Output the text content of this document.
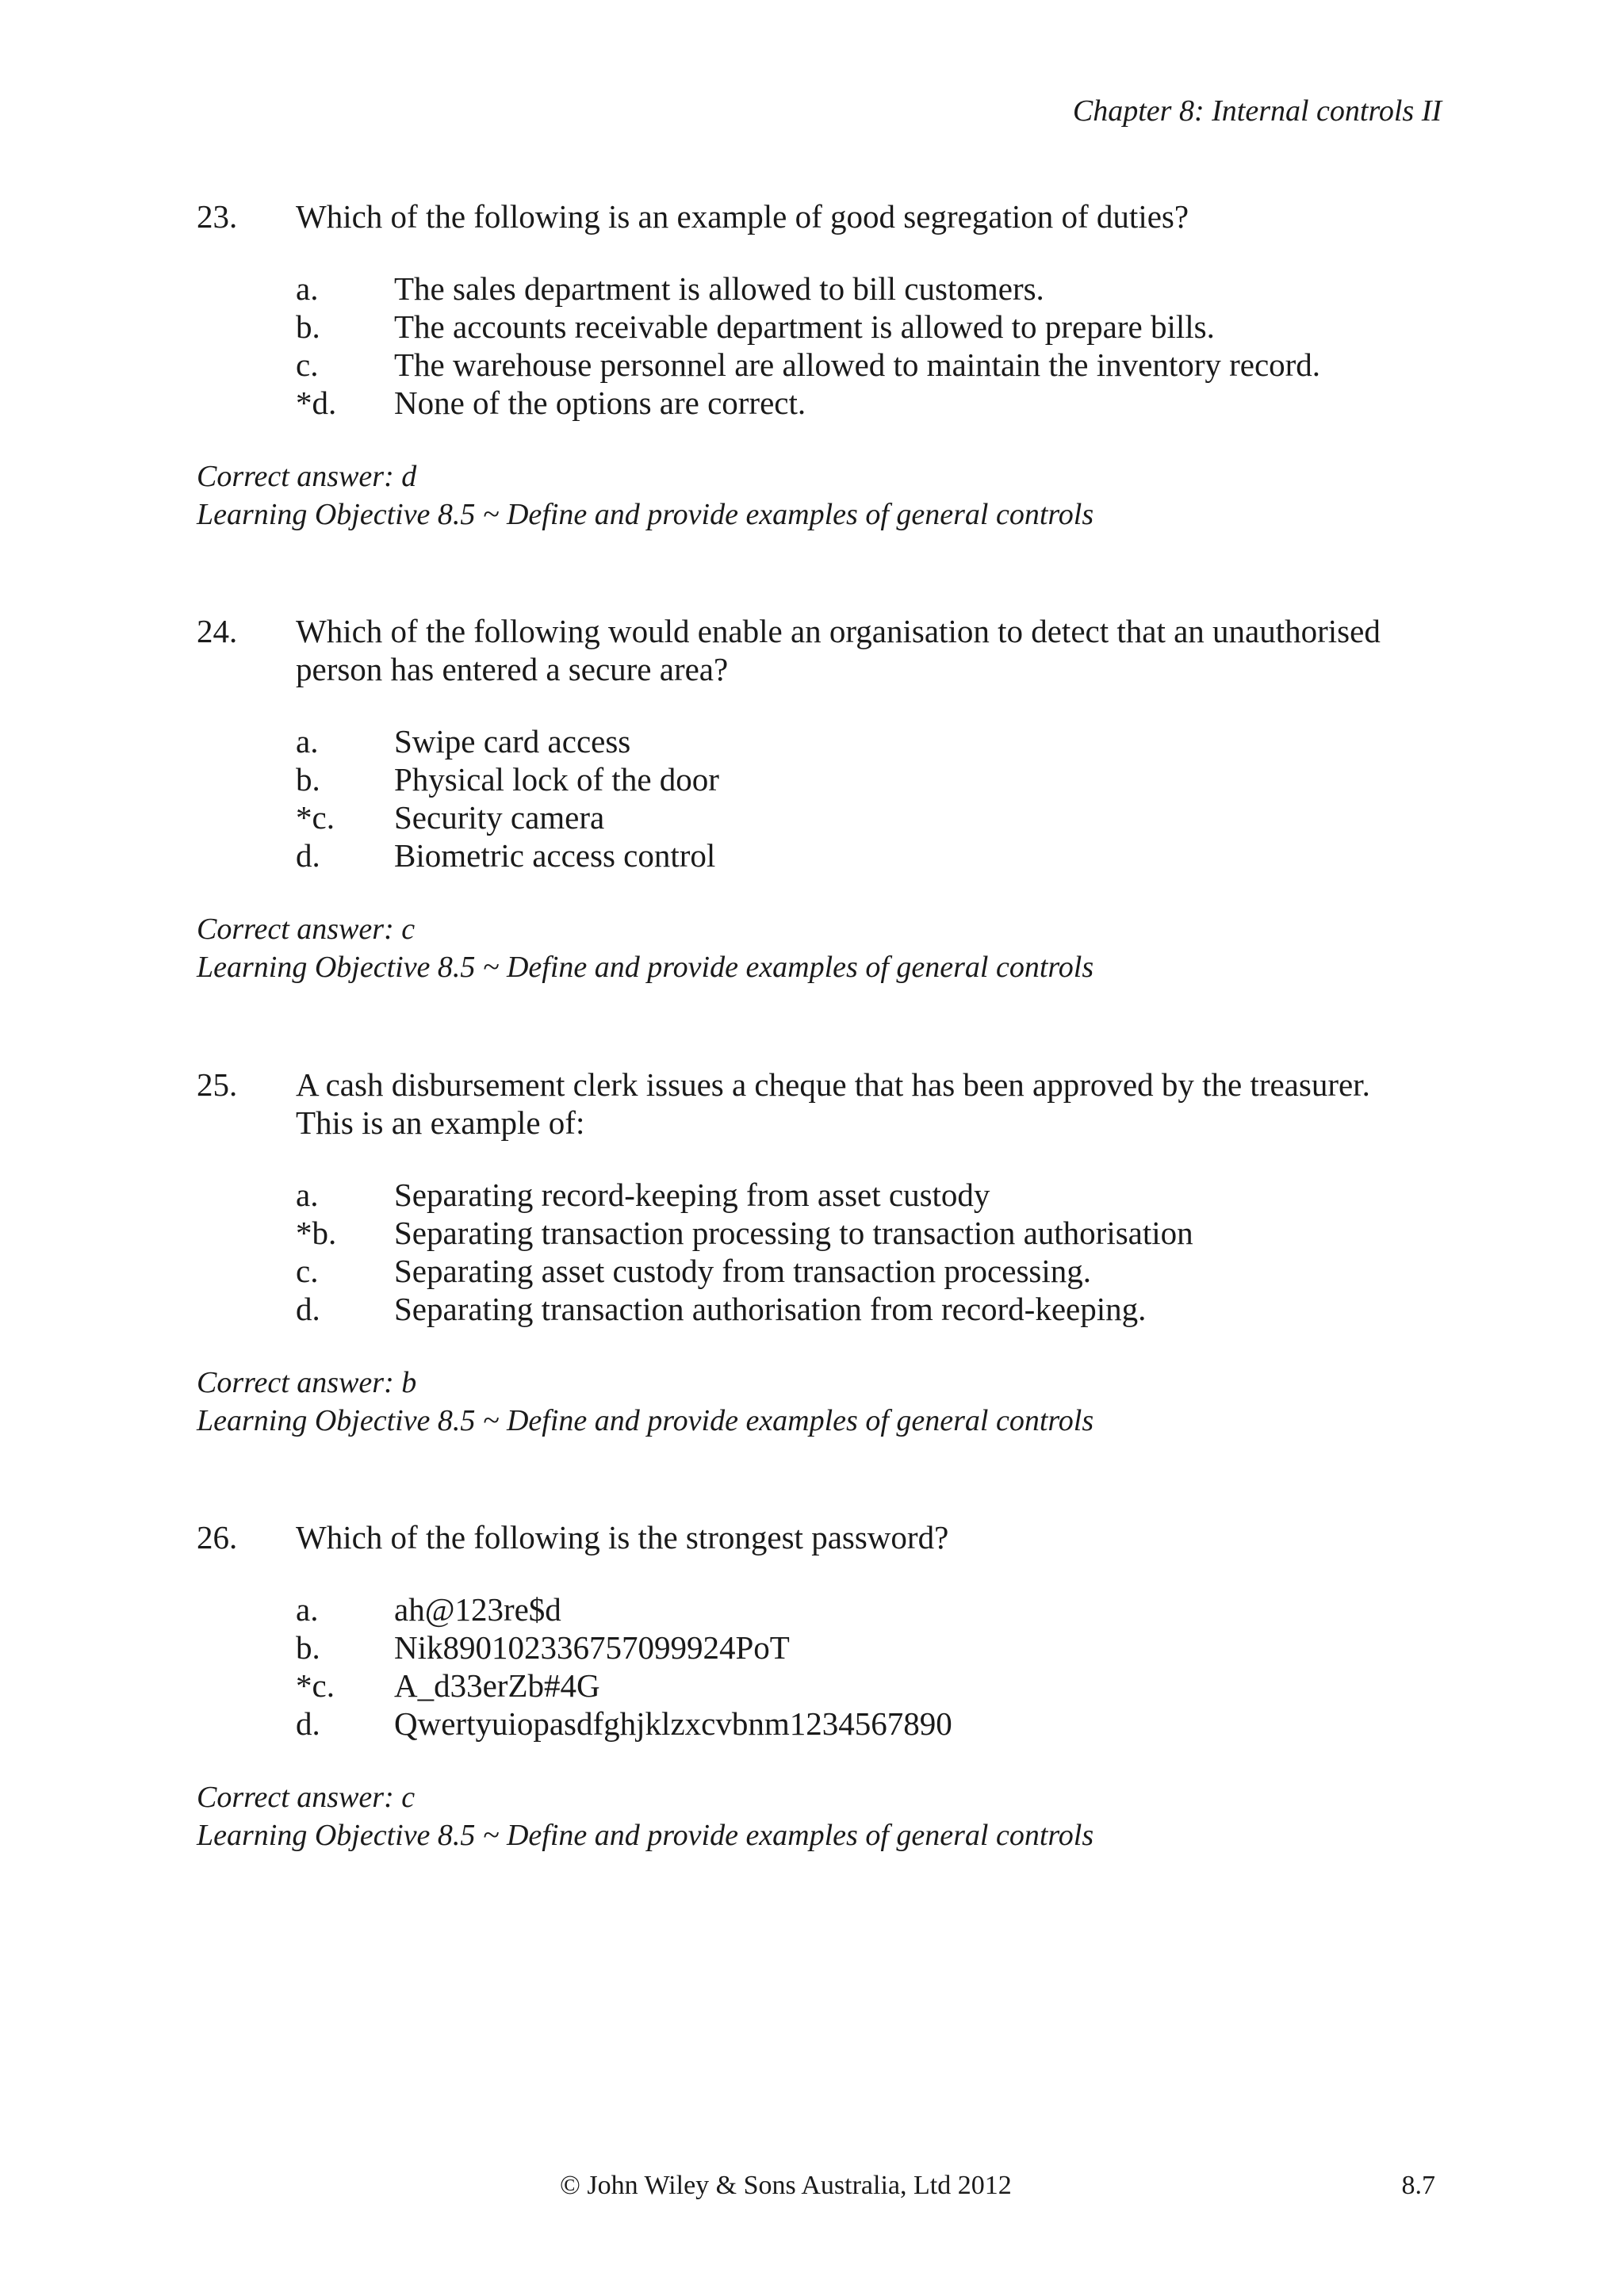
Chapter 8: Internal controls II
23. Which of the following is an example of good segregation of duties?
a. The sales department is allowed to bill customers.
b. The accounts receivable department is allowed to prepare bills.
c. The warehouse personnel are allowed to maintain the inventory record.
*d. None of the options are correct.
Correct answer: d
Learning Objective 8.5 ~ Define and provide examples of general controls
24. Which of the following would enable an organisation to detect that an unauthorised person has entered a secure area?
a. Swipe card access
b. Physical lock of the door
*c. Security camera
d. Biometric access control
Correct answer: c
Learning Objective 8.5 ~ Define and provide examples of general controls
25. A cash disbursement clerk issues a cheque that has been approved by the treasurer. This is an example of:
a. Separating record-keeping from asset custody
*b. Separating transaction processing to transaction authorisation
c. Separating asset custody from transaction processing.
d. Separating transaction authorisation from record-keeping.
Correct answer: b
Learning Objective 8.5 ~ Define and provide examples of general controls
26. Which of the following is the strongest password?
a. ah@123re$d
b. Nik890102336757099924PoT
*c. A_d33erZb#4G
d. Qwertyuiopasdfghjklzxcvbnm1234567890
Correct answer: c
Learning Objective 8.5 ~ Define and provide examples of general controls
© John Wiley & Sons Australia, Ltd 2012	8.7
